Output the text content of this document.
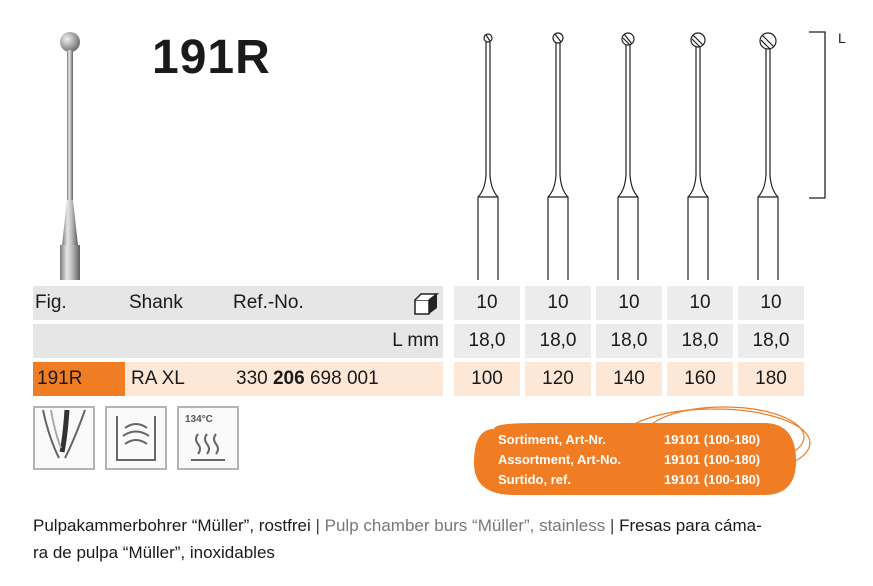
191R	L
Fig.	Shank	Ref.-No.	10	10	10	10	10
L mm	18,0	18,0	18,0	18,0	18,0
191R	RA XL	330 206 698 001	100	120	140	160	180
134°C
Sortiment, Art-Nr.	19101 (100-180)
Assortment, Art-No.	19101 (100-180)
Surtido, ref.	19101 (100-180)
Pulpakammerbohrer “Müller”, rostfrei | Pulp chamber burs “Müller”, stainless | Fresas para cáma-
ra de pulpa “Müller”, inoxidables
